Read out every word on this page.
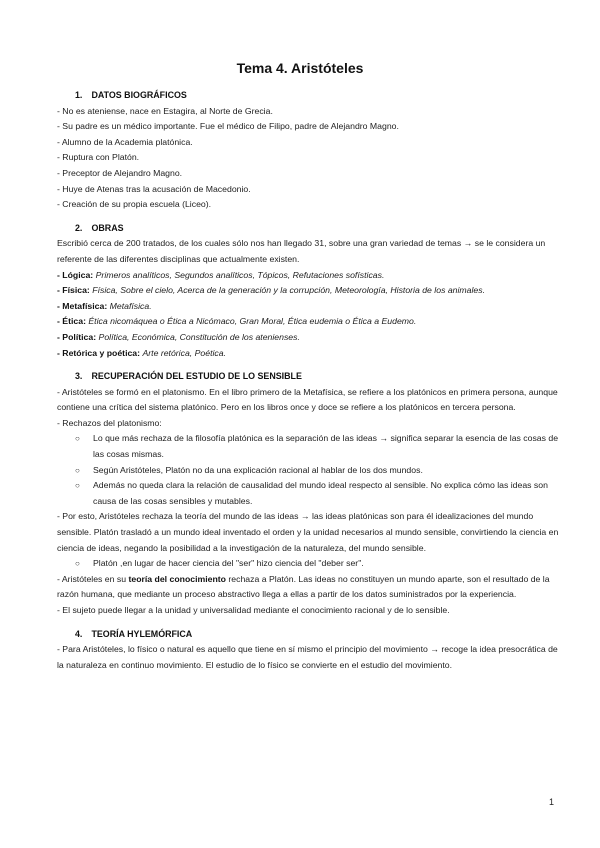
Tema 4. Aristóteles
1. DATOS BIOGRÁFICOS

- No es ateniense, nace en Estagira, al Norte de Grecia.

- Su padre es un médico importante. Fue el médico de Filipo, padre de Alejandro Magno.

- Alumno de la Academia platónica.

- Ruptura con Platón.

- Preceptor de Alejandro Magno.

- Huye de Atenas tras la acusación de Macedonio.

- Creación de su propia escuela (Liceo).

2. OBRAS

Escribió cerca de 200 tratados, de los cuales sólo nos han llegado 31, sobre una gran variedad de temas → se le considera un referente de las diferentes disciplinas que actualmente existen.

- Lógica: Primeros analíticos, Segundos analíticos, Tópicos, Refutaciones sofísticas.

- Física: Física, Sobre el cielo, Acerca de la generación y la corrupción, Meteorología, Historia de los animales.

- Metafísica: Metafísica.

- Ética: Ética nicomáquea o Ética a Nicómaco, Gran Moral, Ética eudemia o Ética a Eudemo.

- Política: Política, Económica, Constitución de los atenienses.

- Retórica y poética: Arte retórica, Poética.

3. RECUPERACIÓN DEL ESTUDIO DE LO SENSIBLE

- Aristóteles se formó en el platonismo. En el libro primero de la Metafísica, se refiere a los platónicos en primera persona, aunque contiene una crítica del sistema platónico. Pero en los libros once y doce se refiere a los platónicos en tercera persona.

- Rechazos del platonismo:

○	Lo que más rechaza de la filosofía platónica es la separación de las ideas → significa separar la esencia de las cosas de las cosas mismas.
○	Según Aristóteles, Platón no da una explicación racional al hablar de los dos mundos.
○	Además no queda clara la relación de causalidad del mundo ideal respecto al sensible. No explica cómo las ideas son causa de las cosas sensibles y mutables.

- Por esto, Aristóteles rechaza la teoría del mundo de las ideas → las ideas platónicas son para él idealizaciones del mundo sensible. Platón trasladó a un mundo ideal inventado el orden y la unidad necesarios al mundo sensible, convirtiendo la ciencia en ciencia de ideas, negando la posibilidad a la investigación de la naturaleza, del mundo sensible.

○	Platón ,en lugar de hacer ciencia del "ser" hizo ciencia del "deber ser".

- Aristóteles en su teoría del conocimiento rechaza a Platón. Las ideas no constituyen un mundo aparte, son el resultado de la razón humana, que mediante un proceso abstractivo llega a ellas a partir de los datos suministrados por la experiencia.

- El sujeto puede llegar a la unidad y universalidad mediante el conocimiento racional y de lo sensible.

4. TEORÍA HYLEMÓRFICA

- Para Aristóteles, lo físico o natural es aquello que tiene en sí mismo el principio del movimiento → recoge la idea presocrática de la naturaleza en continuo movimiento. El estudio de lo físico se convierte en el estudio del movimiento.

1
